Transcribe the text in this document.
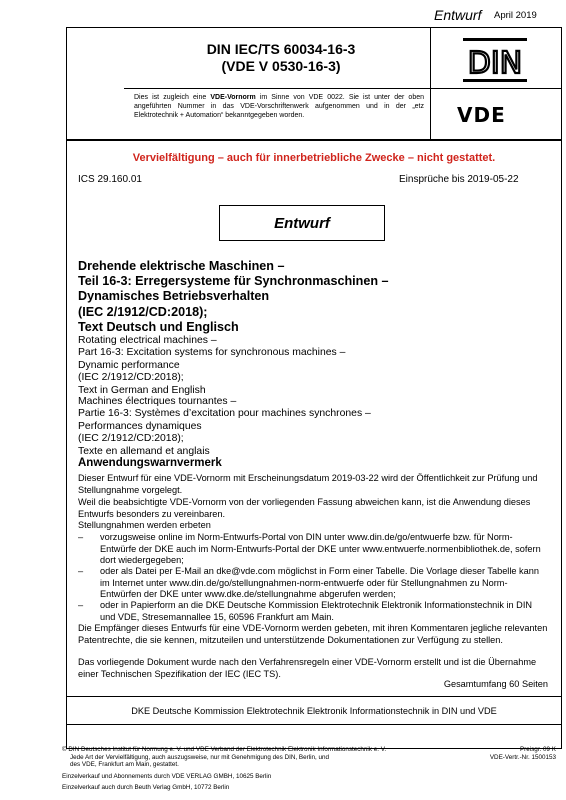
Entwurf April 2019
DIN IEC/TS 60034-16-3
(VDE V 0530-16-3)	DIN
VDE
Dies ist zugleich eine VDE-Vornorm im Sinne von VDE 0022. Sie ist unter der oben angeführten Nummer in das VDE-Vorschriftenwerk aufgenommen und in der „etz Elektrotechnik + Automation“ bekanntgegeben worden.
Vervielfältigung – auch für innerbetriebliche Zwecke – nicht gestattet.
ICS 29.160.01	Einsprüche bis 2019-05-22
Entwurf
Drehende elektrische Maschinen –
Teil 16-3: Erregersysteme für Synchronmaschinen –
Dynamisches Betriebsverhalten
(IEC 2/1912/CD:2018);
Text Deutsch und Englisch
Rotating electrical machines –
Part 16-3: Excitation systems for synchronous machines –
Dynamic performance
(IEC 2/1912/CD:2018);
Text in German and English
Machines électriques tournantes –
Partie 16-3: Systèmes d’excitation pour machines synchrones –
Performances dynamiques
(IEC 2/1912/CD:2018);
Texte en allemand et anglais
Anwendungswarnvermerk
Dieser Entwurf für eine VDE-Vornorm mit Erscheinungsdatum 2019-03-22 wird der Öffentlichkeit zur Prüfung und Stellungnahme vorgelegt.
Weil die beabsichtigte VDE-Vornorm von der vorliegenden Fassung abweichen kann, ist die Anwendung dieses Entwurfs besonders zu vereinbaren.
Stellungnahmen werden erbeten
– vorzugsweise online im Norm-Entwurfs-Portal von DIN unter www.din.de/go/entwuerfe bzw. für Norm-Entwürfe der DKE auch im Norm-Entwurfs-Portal der DKE unter www.entwuerfe.normenbibliothek.de, sofern dort wiedergegeben;
– oder als Datei per E-Mail an dke@vde.com möglichst in Form einer Tabelle. Die Vorlage dieser Tabelle kann im Internet unter www.din.de/go/stellungnahmen-norm-entwuerfe oder für Stellungnahmen zu Norm-Entwürfen der DKE unter www.dke.de/stellungnahme abgerufen werden;
– oder in Papierform an die DKE Deutsche Kommission Elektrotechnik Elektronik Informationstechnik in DIN und VDE, Stresemannallee 15, 60596 Frankfurt am Main.
Die Empfänger dieses Entwurfs für eine VDE-Vornorm werden gebeten, mit ihren Kommentaren jegliche relevanten Patentrechte, die sie kennen, mitzuteilen und unterstützende Dokumentationen zur Verfügung zu stellen.
Das vorliegende Dokument wurde nach den Verfahrensregeln einer VDE-Vornorm erstellt und ist die Übernahme einer Technischen Spezifikation der IEC (IEC TS).
Gesamtumfang 60 Seiten
DKE Deutsche Kommission Elektrotechnik Elektronik Informationstechnik in DIN und VDE
© DIN Deutsches Institut für Normung e. V. und VDE Verband der Elektrotechnik Elektronik Informationstechnik e. V.
Jede Art der Vervielfältigung, auch auszugsweise, nur mit Genehmigung des DIN, Berlin, und
des VDE, Frankfurt am Main, gestattet.
Einzelverkauf und Abonnements durch VDE VERLAG GMBH, 10625 Berlin
Einzelverkauf auch durch Beuth Verlag GmbH, 10772 Berlin
Preisgr. 09 K
VDE-Vertr.-Nr. 1500153
